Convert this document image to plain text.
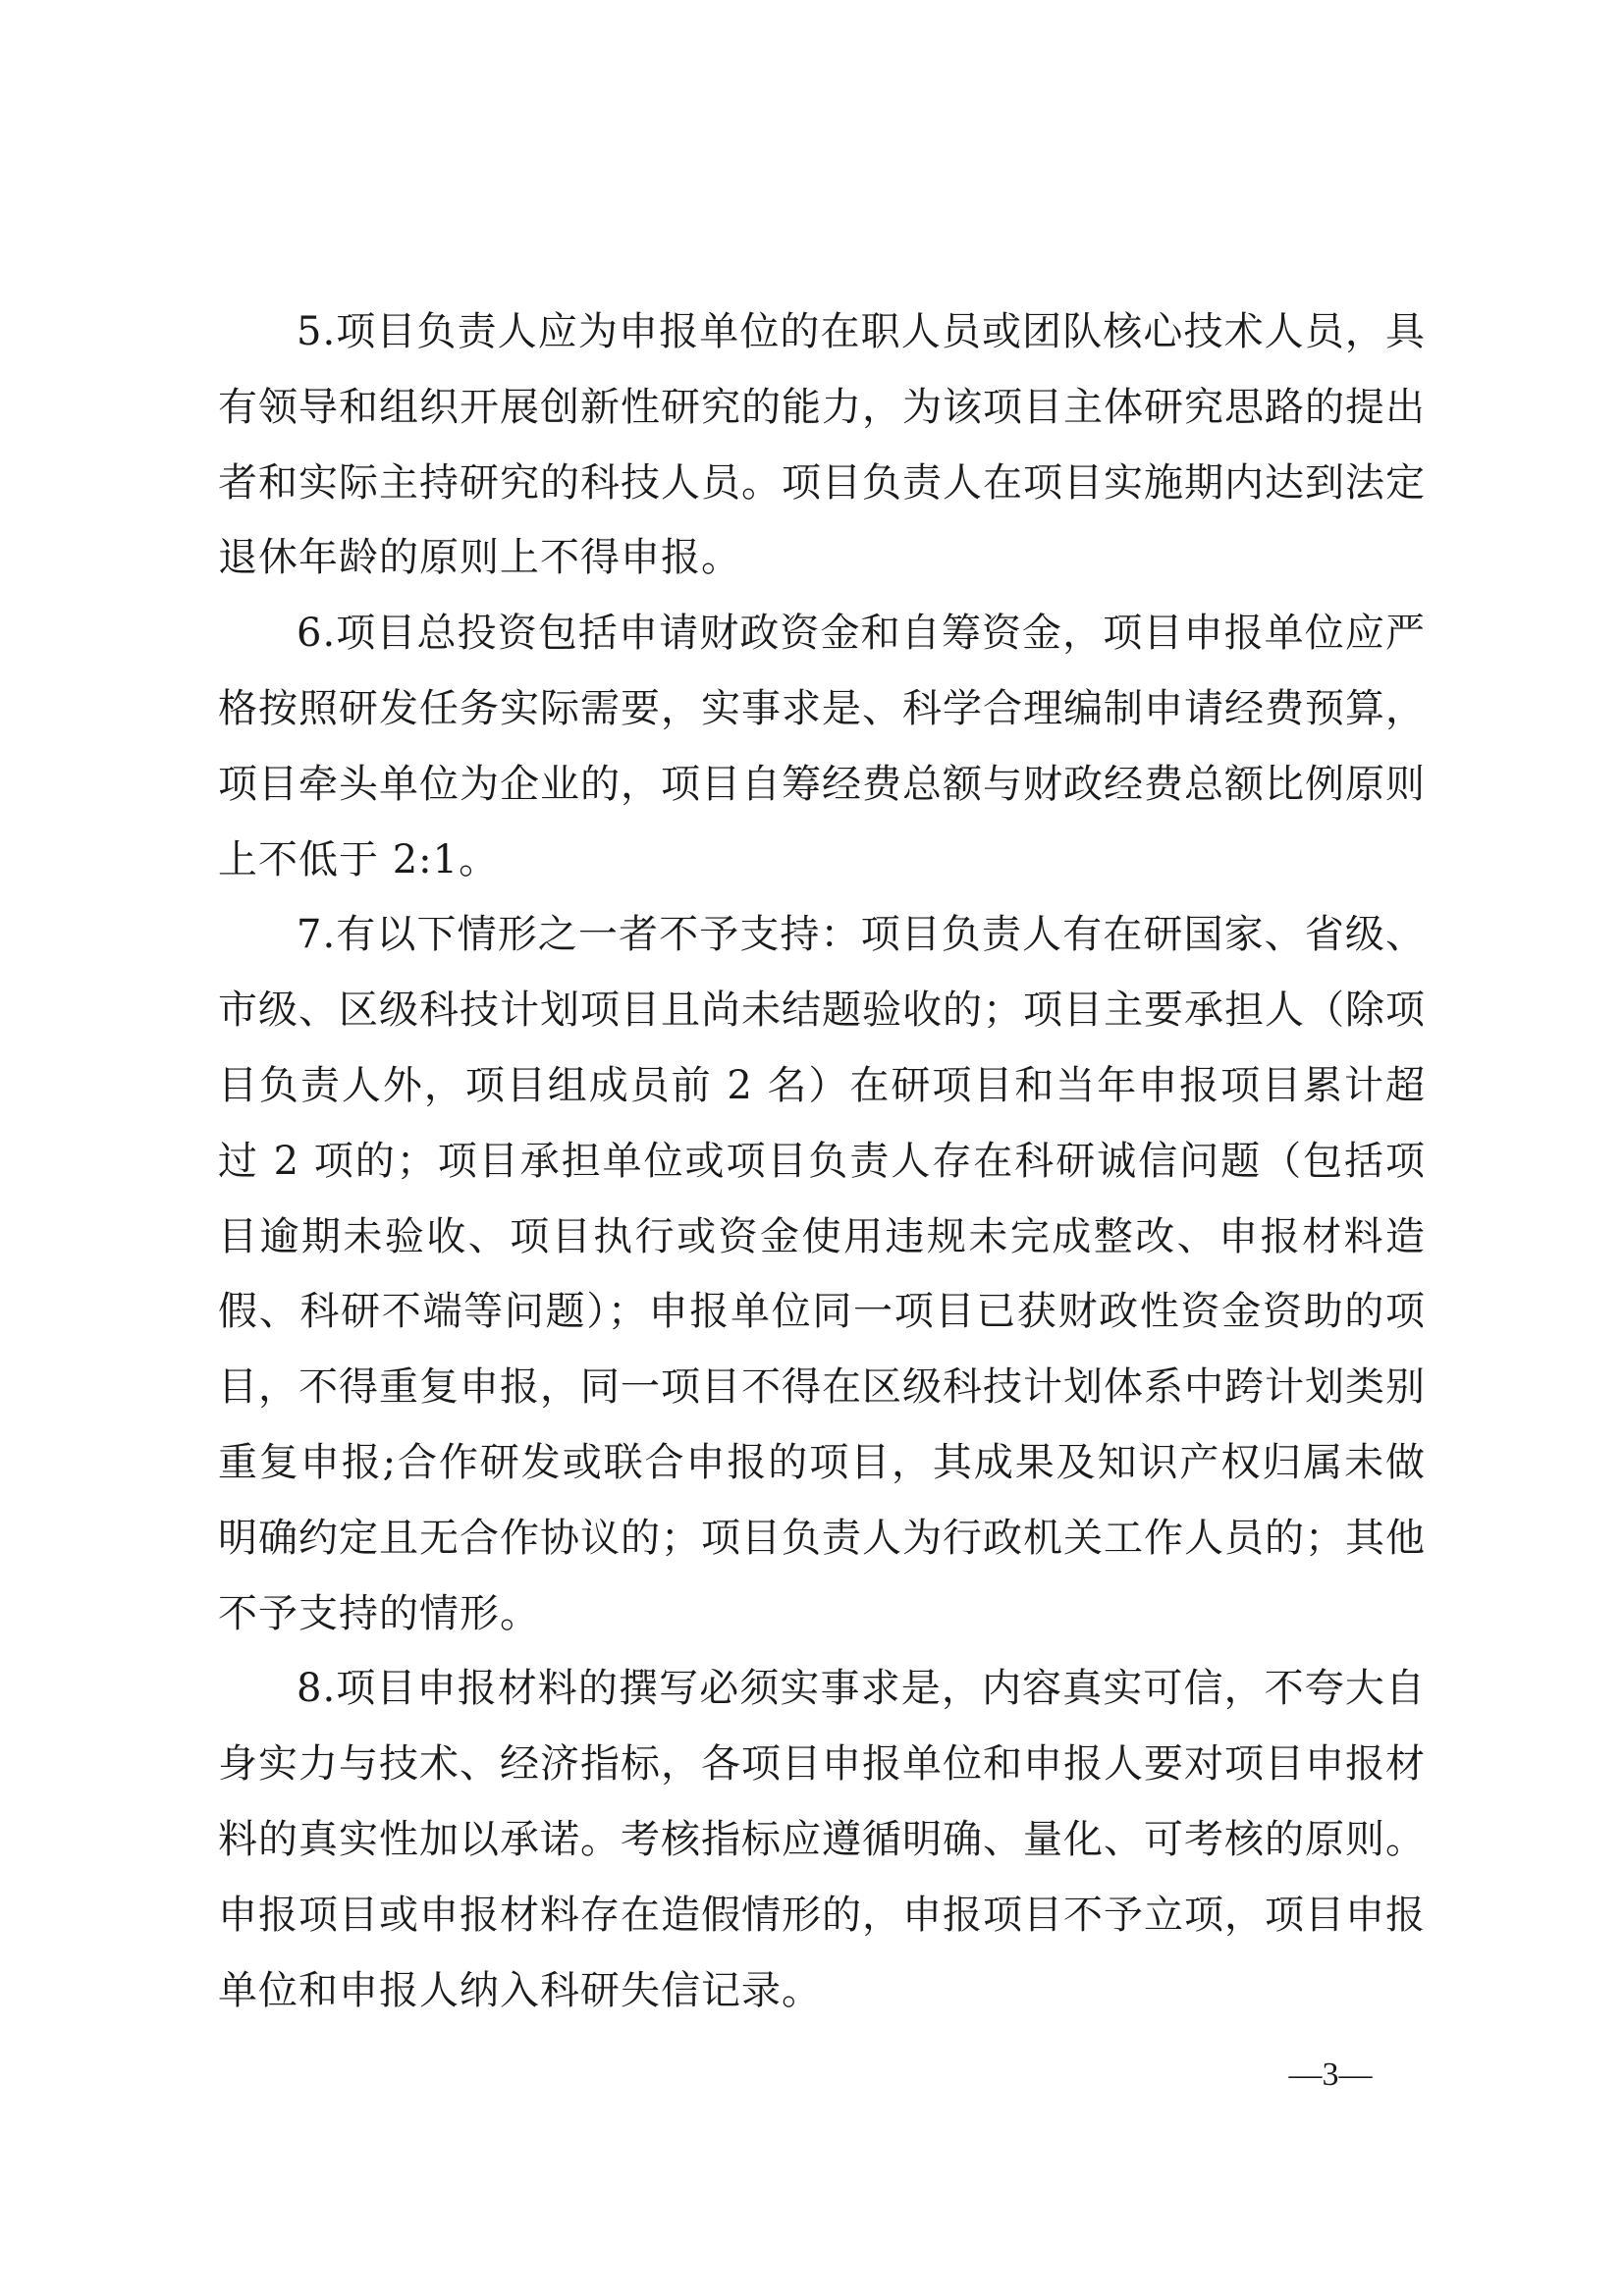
5.项目负责人应为申报单位的在职人员或团队核心技术人员，具有领导和组织开展创新性研究的能力，为该项目主体研究思路的提出者和实际主持研究的科技人员。项目负责人在项目实施期内达到法定退休年龄的原则上不得申报。

6.项目总投资包括申请财政资金和自筹资金，项目申报单位应严格按照研发任务实际需要，实事求是、科学合理编制申请经费预算，项目牵头单位为企业的，项目自筹经费总额与财政经费总额比例原则上不低于 2:1。

7.有以下情形之一者不予支持：项目负责人有在研国家、省级、市级、区级科技计划项目且尚未结题验收的；项目主要承担人（除项目负责人外，项目组成员前 2 名）在研项目和当年申报项目累计超过 2 项的；项目承担单位或项目负责人存在科研诚信问题（包括项目逾期未验收、项目执行或资金使用违规未完成整改、申报材料造假、科研不端等问题）；申报单位同一项目已获财政性资金资助的项目，不得重复申报，同一项目不得在区级科技计划体系中跨计划类别重复申报;合作研发或联合申报的项目，其成果及知识产权归属未做明确约定且无合作协议的；项目负责人为行政机关工作人员的；其他不予支持的情形。

8.项目申报材料的撰写必须实事求是，内容真实可信，不夸大自身实力与技术、经济指标，各项目申报单位和申报人要对项目申报材料的真实性加以承诺。考核指标应遵循明确、量化、可考核的原则。申报项目或申报材料存在造假情形的，申报项目不予立项，项目申报单位和申报人纳入科研失信记录。

—3—
